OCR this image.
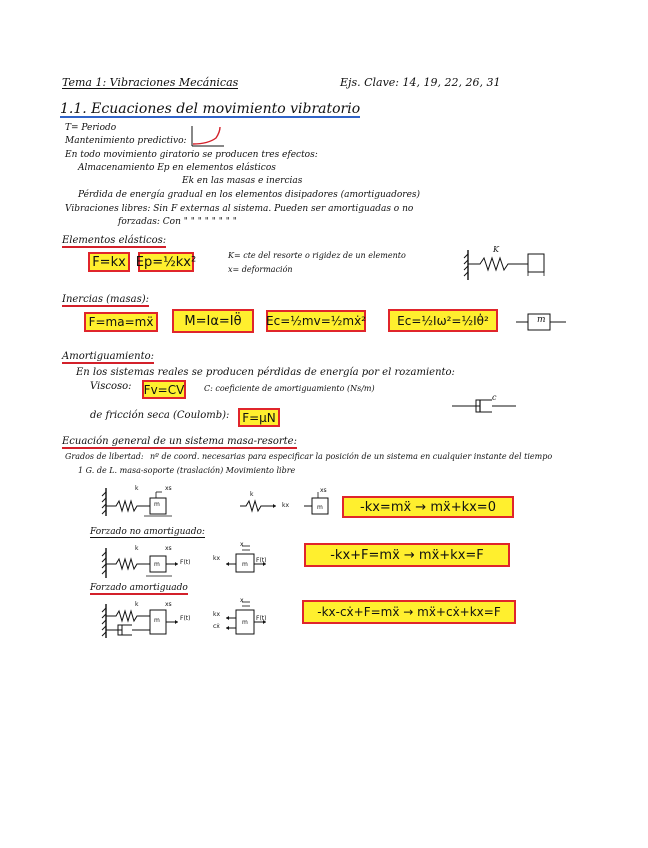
Tema 1: Vibraciones Mecánicas	Ejs. Clave: 14, 19, 22, 26, 31
1.1. Ecuaciones del movimiento vibratorio
T= Periodo
Mantenimiento predictivo:
En todo movimiento giratorio se producen tres efectos:
Almacenamiento Ep en elementos elásticos
Ek en las masas e inercias
Pérdida de energía gradual en los elementos disipadores (amortiguadores)
Vibraciones libres: Sin F externas al sistema. Pueden ser amortiguadas o no
forzadas: Con " " " " " " " "
Elementos elásticos:
F=kx Ep=½kx²	K= cte del resorte o rigidez de un elemento
x= deformación
K
Inercias (masas):
F=ma=mẍ	M=Iα=Iθ̈	Ec=½mv=½mẋ²	Ec=½Iω²=½Iθ̇²	m
Amortiguamiento:
En los sistemas reales se producen pérdidas de energía por el rozamiento:
Viscoso: Fv=CV C: coeficiente de amortiguamiento (Ns/m)
c
de fricción seca (Coulomb):	F=μN
Ecuación general de un sistema masa-resorte:
Grados de libertad: nº de coord. necesarias para especificar la posición de un sistema en cualquier instante del tiempo
1 G. de L. masa-soporte (traslación) Movimiento libre
k
m
xs
k
kx	m
xs
-kx=mẍ → mẍ+kx=0
Forzado no amortiguado:
k
m
xs
F(t)
kx
x
m
F(t)	-kx+F=mẍ → mẍ+kx=F
Forzado amortiguado
k
m
xs
F(t)
kx
cẋ
x
m
F(t)	-kx-cẋ+F=mẍ → mẍ+cẋ+kx=F
